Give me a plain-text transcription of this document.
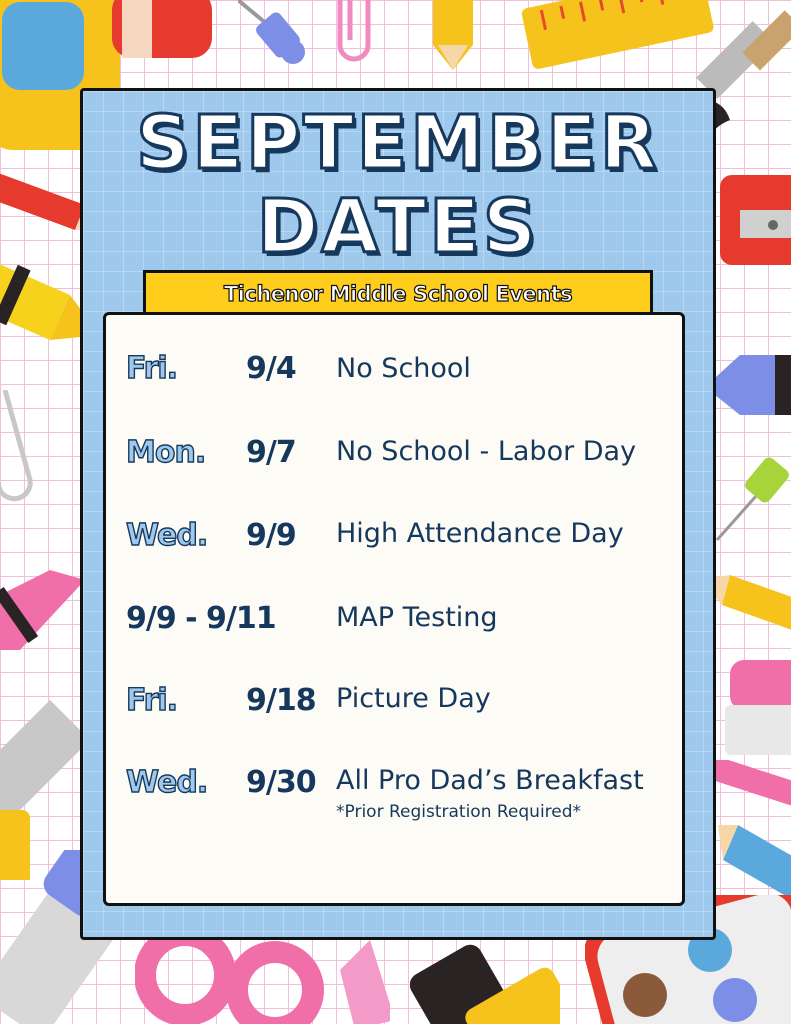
SEPTEMBER
DATES
Tichenor Middle School Events
Fri. 9/4 No School
Mon. 9/7 No School - Labor Day
Wed. 9/9 High Attendance Day
9/9 - 9/11 MAP Testing
Fri. 9/18 Picture Day
Wed. 9/30 All Pro Dad’s Breakfast
*Prior Registration Required*
